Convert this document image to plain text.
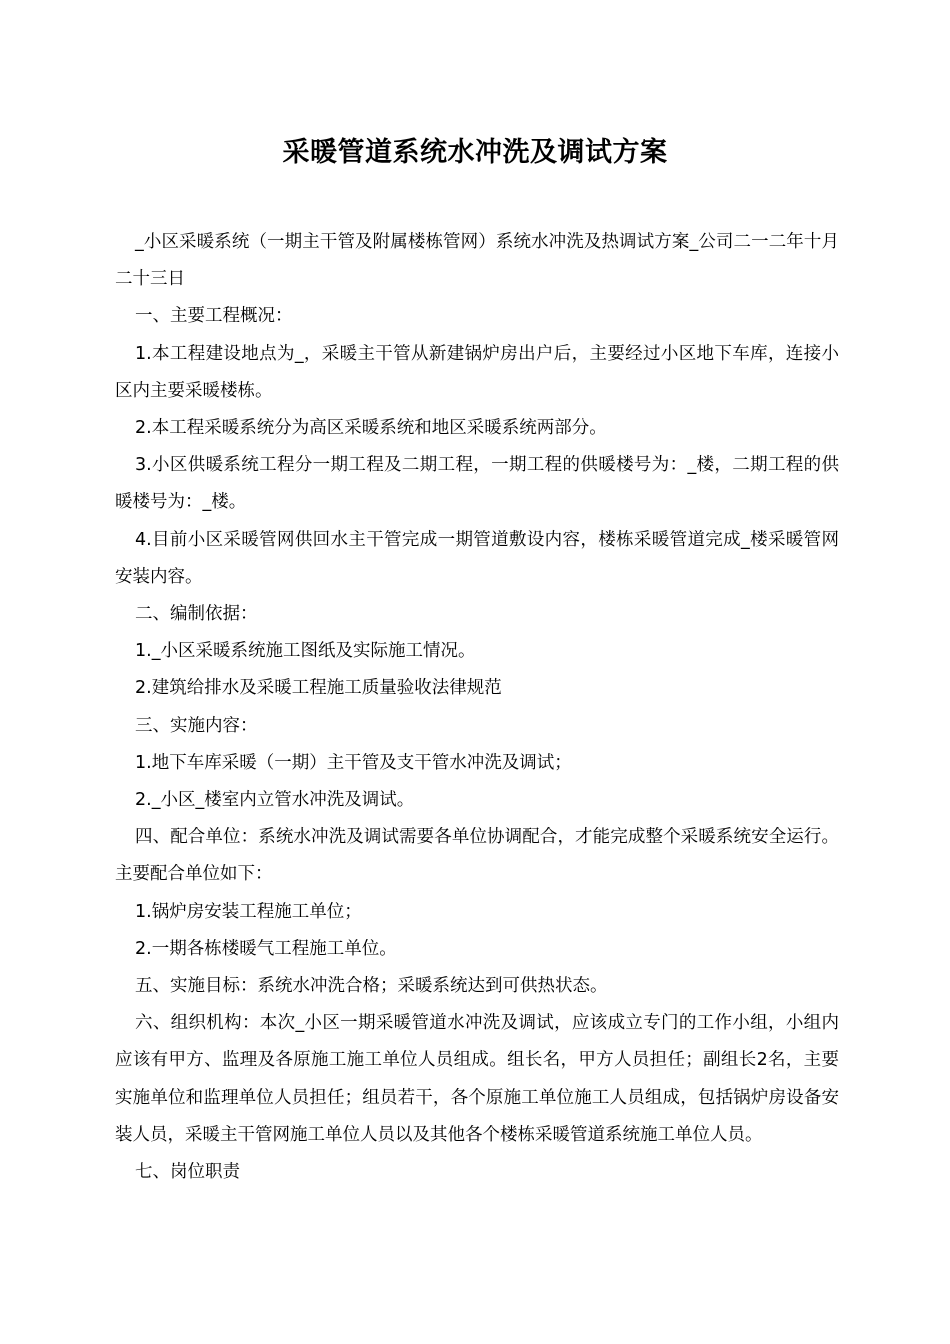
采暖管道系统水冲洗及调试方案

_小区采暖系统（一期主干管及附属楼栋管网）系统水冲洗及热调试方案_公司二一二年十月二十三日

一、主要工程概况：

1.本工程建设地点为_，采暖主干管从新建锅炉房出户后，主要经过小区地下车库，连接小区内主要采暖楼栋。

2.本工程采暖系统分为高区采暖系统和地区采暖系统两部分。

3.小区供暖系统工程分一期工程及二期工程，一期工程的供暖楼号为：_楼，二期工程的供暖楼号为：_楼。

4.目前小区采暖管网供回水主干管完成一期管道敷设内容，楼栋采暖管道完成_楼采暖管网安装内容。

二、编制依据：

1._小区采暖系统施工图纸及实际施工情况。

2.建筑给排水及采暖工程施工质量验收法律规范

三、实施内容：

1.地下车库采暖（一期）主干管及支干管水冲洗及调试；

2._小区_楼室内立管水冲洗及调试。

四、配合单位：系统水冲洗及调试需要各单位协调配合，才能完成整个采暖系统安全运行。主要配合单位如下：

1.锅炉房安装工程施工单位；

2.一期各栋楼暖气工程施工单位。

五、实施目标：系统水冲洗合格；采暖系统达到可供热状态。

六、组织机构：本次_小区一期采暖管道水冲洗及调试，应该成立专门的工作小组，小组内应该有甲方、监理及各原施工施工单位人员组成。组长名，甲方人员担任；副组长2名，主要实施单位和监理单位人员担任；组员若干，各个原施工单位施工人员组成，包括锅炉房设备安装人员，采暖主干管网施工单位人员以及其他各个楼栋采暖管道系统施工单位人员。

七、岗位职责
